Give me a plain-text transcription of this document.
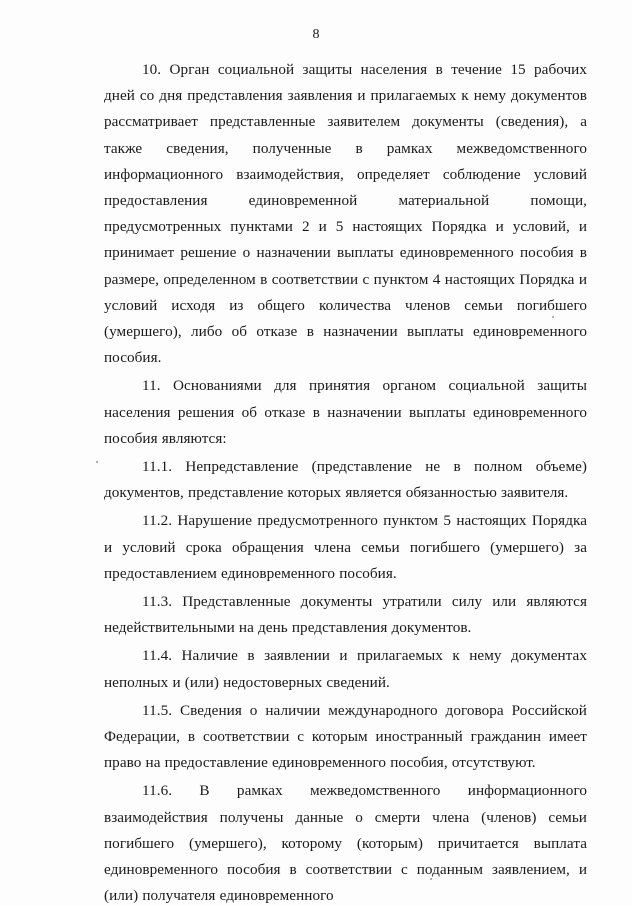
8

10. Орган социальной защиты населения в течение 15 рабочих дней со дня представления заявления и прилагаемых к нему документов рассматривает представленные заявителем документы (сведения), а также сведения, полученные в рамках межведомственного информационного взаимодействия, определяет соблюдение условий предоставления единовременной материальной помощи, предусмотренных пунктами 2 и 5 настоящих Порядка и условий, и принимает решение о назначении выплаты единовременного пособия в размере, определенном в соответствии с пунктом 4 настоящих Порядка и условий исходя из общего количества членов семьи погибшего (умершего), либо об отказе в назначении выплаты единовременного пособия.

11. Основаниями для принятия органом социальной защиты населения решения об отказе в назначении выплаты единовременного пособия являются:

11.1. Непредставление (представление не в полном объеме) документов, представление которых является обязанностью заявителя.

11.2. Нарушение предусмотренного пунктом 5 настоящих Порядка и условий срока обращения члена семьи погибшего (умершего) за предоставлением единовременного пособия.

11.3. Представленные документы утратили силу или являются недействительными на день представления документов.

11.4. Наличие в заявлении и прилагаемых к нему документах неполных и (или) недостоверных сведений.

11.5. Сведения о наличии международного договора Российской Федерации, в соответствии с которым иностранный гражданин имеет право на предоставление единовременного пособия, отсутствуют.

11.6. В рамках межведомственного информационного взаимодействия получены данные о смерти члена (членов) семьи погибшего (умершего), которому (которым) причитается выплата единовременного пособия в соответствии с поданным заявлением, и (или) получателя единовременного
